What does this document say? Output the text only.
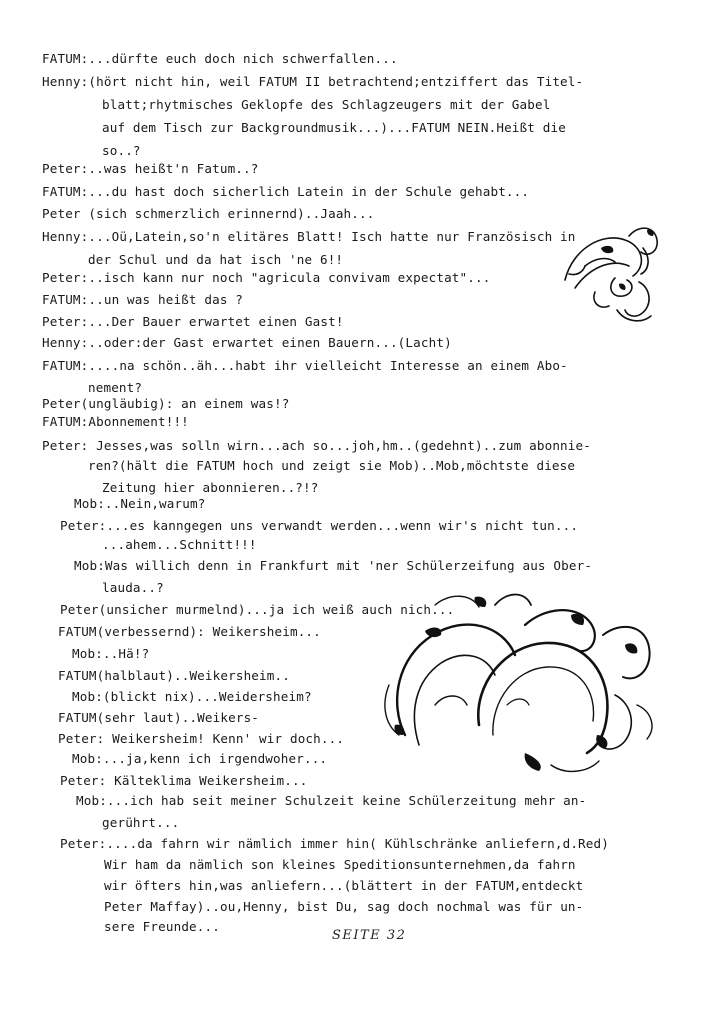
FATUM:...dürfte euch doch nich schwerfallen...
Henny:(hört nicht hin, weil FATUM II betrachtend;entziffert das Titel-
blatt;rhytmisches Geklopfe des Schlagzeugers mit der Gabel
auf dem Tisch zur Backgroundmusik...)...FATUM NEIN.Heißt die
so..?
Peter:..was heißt'n Fatum..?
FATUM:...du hast doch sicherlich Latein in der Schule gehabt...
Peter (sich schmerzlich erinnernd)..Jaah...
Henny:...Oü,Latein,so'n elitäres Blatt! Isch hatte nur Französisch in
der Schul und da hat isch 'ne 6!!
Peter:..isch kann nur noch "agricula convivam expectat"...
FATUM:..un was heißt das ?
Peter:...Der Bauer erwartet einen Gast!
Henny:..oder:der Gast erwartet einen Bauern...(Lacht)
FATUM:....na schön..äh...habt ihr vielleicht Interesse an einem Abo-
nement?
Peter(ungläubig): an einem was!?
FATUM:Abonnement!!!
Peter: Jesses,was solln wirn...ach so...joh,hm..(gedehnt)..zum abonnie-
ren?(hält die FATUM hoch und zeigt sie Mob)..Mob,möchtste diese
Zeitung hier abonnieren..?!?
Mob:..Nein,warum?
Peter:...es kanngegen uns verwandt werden...wenn wir's nicht tun...
...ahem...Schnitt!!!
Mob:Was willich denn in Frankfurt mit 'ner Schülerzeifung aus Ober-
lauda..?
Peter(unsicher murmelnd)...ja ich weiß auch nich...
FATUM(verbessernd): Weikersheim...
Mob:..Hä!?
FATUM(halblaut)..Weikersheim..
Mob:(blickt nix)...Weidersheim?
FATUM(sehr laut)..Weikers-
Peter: Weikersheim! Kenn' wir doch...
Mob:...ja,kenn ich irgendwoher...
Peter: Kälteklima Weikersheim...
Mob:...ich hab seit meiner Schulzeit keine Schülerzeitung mehr an-
gerührt...
Peter:....da fahrn wir nämlich immer hin( Kühlschränke anliefern,d.Red)
Wir ham da nämlich son kleines Speditionsunternehmen,da fahrn
wir öfters hin,was anliefern...(blättert in der FATUM,entdeckt
Peter Maffay)..ou,Henny, bist Du, sag doch nochmal was für un-
sere Freunde...
SEITE 32
